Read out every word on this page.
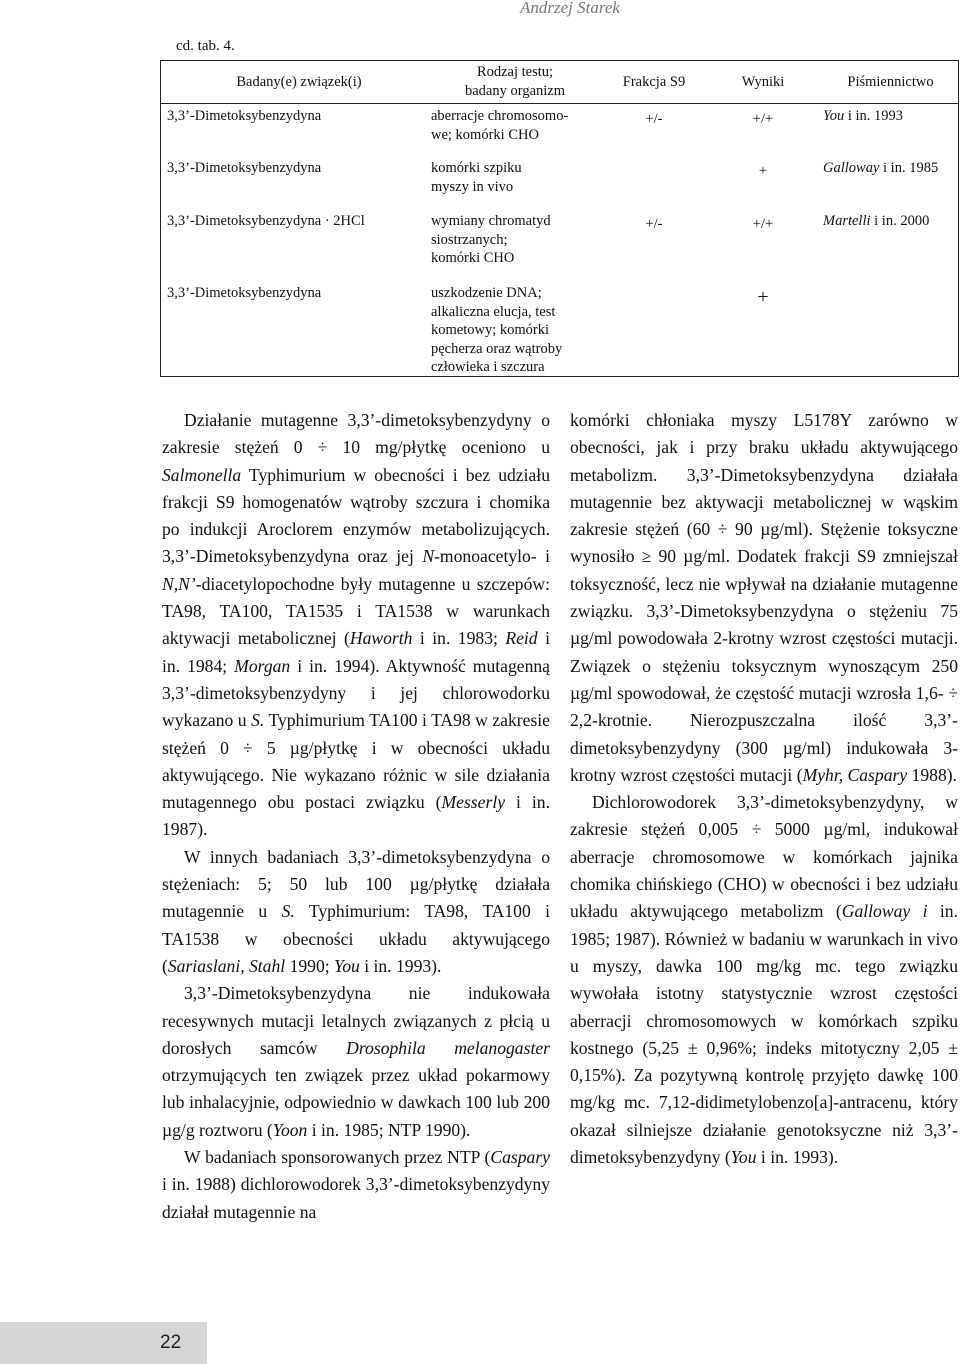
Andrzej Starek
cd. tab. 4.
Badany(e) związek(i)	Rodzaj testu;
badany organizm	Frakcja S9	Wyniki	Piśmiennictwo
3,3’-Dimetoksybenzydyna	aberracje chromosomo-
we; komórki CHO	+/-	+/+	You i in. 1993
3,3’-Dimetoksybenzydyna	komórki szpiku
myszy in vivo		+	Galloway i in. 1985
3,3’-Dimetoksybenzydyna · 2HCl	wymiany chromatyd
siostrzanych;
komórki CHO	+/-	+/+	Martelli i in. 2000
3,3’-Dimetoksybenzydyna	uszkodzenie DNA;
alkaliczna elucja, test
kometowy; komórki
pęcherza oraz wątroby
człowieka i szczura		+	

Działanie mutagenne 3,3’-dimetoksybenzydyny o zakresie stężeń 0 ÷ 10 mg/płytkę oceniono u Salmonella Typhimurium w obecności i bez udziału frakcji S9 homogenatów wątroby szczura i chomika po indukcji Aroclorem enzymów metabolizujących. 3,3’-Dimetoksybenzydyna oraz jej N-monoacetylo- i N,N’-diacetylopochodne były mutagenne u szczepów: TA98, TA100, TA1535 i TA1538 w warunkach aktywacji metabolicznej (Haworth i in. 1983; Reid i in. 1984; Morgan i in. 1994). Aktywność mutagenną 3,3’-dimetoksybenzydyny i jej chlorowodorku wykazano u S. Typhimurium TA100 i TA98 w zakresie stężeń 0 ÷ 5 µg/płytkę i w obecności układu aktywującego. Nie wykazano różnic w sile działania mutagennego obu postaci związku (Messerly i in. 1987).

W innych badaniach 3,3’-dimetoksybenzydyna o stężeniach: 5; 50 lub 100 µg/płytkę działała mutagennie u S. Typhimurium: TA98, TA100 i TA1538 w obecności układu aktywującego (Sariaslani, Stahl 1990; You i in. 1993).

3,3’-Dimetoksybenzydyna nie indukowała recesywnych mutacji letalnych związanych z płcią u dorosłych samców Drosophila melanogaster otrzymujących ten związek przez układ pokarmowy lub inhalacyjnie, odpowiednio w dawkach 100 lub 200 µg/g roztworu (Yoon i in. 1985; NTP 1990).

W badaniach sponsorowanych przez NTP (Caspary i in. 1988) dichlorowodorek 3,3’-dimetoksybenzydyny działał mutagennie na

komórki chłoniaka myszy L5178Y zarówno w obecności, jak i przy braku układu aktywującego metabolizm. 3,3’-Dimetoksybenzydyna działała mutagennie bez aktywacji metabolicznej w wąskim zakresie stężeń (60 ÷ 90 µg/ml). Stężenie toksyczne wynosiło ≥ 90 µg/ml. Dodatek frakcji S9 zmniejszał toksyczność, lecz nie wpływał na działanie mutagenne związku. 3,3’-Dimetoksybenzydyna o stężeniu 75 µg/ml powodowała 2-krotny wzrost częstości mutacji. Związek o stężeniu toksycznym wynoszącym 250 µg/ml spowodował, że częstość mutacji wzrosła 1,6- ÷ 2,2-krotnie. Nierozpuszczalna ilość 3,3’-dimetoksybenzydyny (300 µg/ml) indukowała 3-krotny wzrost częstości mutacji (Myhr, Caspary 1988).

Dichlorowodorek 3,3’-dimetoksybenzydyny, w zakresie stężeń 0,005 ÷ 5000 µg/ml, indukował aberracje chromosomowe w komórkach jajnika chomika chińskiego (CHO) w obecności i bez udziału układu aktywującego metabolizm (Galloway i in. 1985; 1987). Również w badaniu w warunkach in vivo u myszy, dawka 100 mg/kg mc. tego związku wywołała istotny statystycznie wzrost częstości aberracji chromosomowych w komórkach szpiku kostnego (5,25 ± 0,96%; indeks mitotyczny 2,05 ± 0,15%). Za pozytywną kontrolę przyjęto dawkę 100 mg/kg mc. 7,12-didimetylobenzo[a]-antracenu, który okazał silniejsze działanie genotoksyczne niż 3,3’-dimetoksybenzydyny (You i in. 1993).

22
